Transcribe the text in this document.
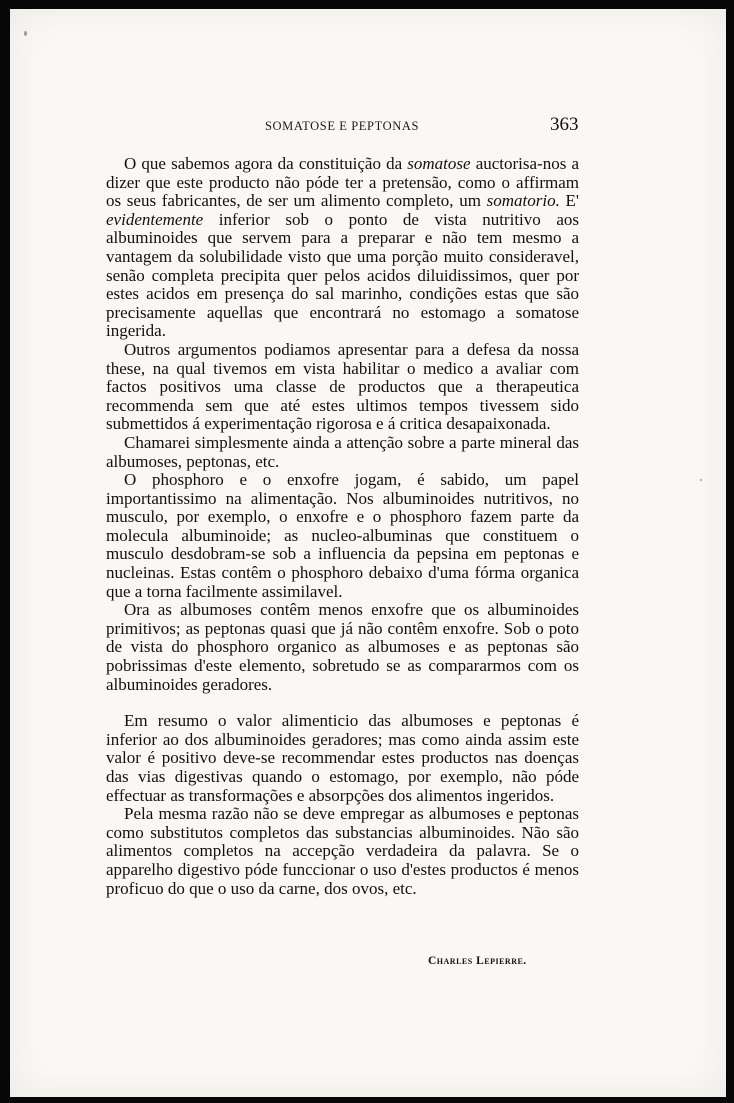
SOMATOSE E PEPTONAS	363

O que sabemos agora da constituição da somatose auctorisa-nos a dizer que este producto não póde ter a pretensão, como o affirmam os seus fabricantes, de ser um alimento completo, um somatorio. E' evidentemente inferior sob o ponto de vista nutritivo aos albuminoides que servem para a preparar e não tem mesmo a vantagem da solubilidade visto que uma porção muito consideravel, senão completa precipita quer pelos acidos diluidissimos, quer por estes acidos em presença do sal marinho, condições estas que são precisamente aquellas que encontrará no estomago a somatose ingerida.

Outros argumentos podiamos apresentar para a defesa da nossa these, na qual tivemos em vista habilitar o medico a avaliar com factos positivos uma classe de productos que a therapeutica recommenda sem que até estes ultimos tempos tivessem sido submettidos á experimentação rigorosa e á critica desapaixonada.

Chamarei simplesmente ainda a attenção sobre a parte mineral das albumoses, peptonas, etc.

O phosphoro e o enxofre jogam, é sabido, um papel importantissimo na alimentação. Nos albuminoides nutritivos, no musculo, por exemplo, o enxofre e o phosphoro fazem parte da molecula albuminoide; as nucleo-albuminas que constituem o musculo desdobram-se sob a influencia da pepsina em peptonas e nucleinas. Estas contêm o phosphoro debaixo d'uma fórma organica que a torna facilmente assimilavel.

Ora as albumoses contêm menos enxofre que os albuminoides primitivos; as peptonas quasi que já não contêm enxofre. Sob o poto de vista do phosphoro organico as albumoses e as peptonas são pobrissimas d'este elemento, sobretudo se as compararmos com os albuminoides geradores.

Em resumo o valor alimenticio das albumoses e peptonas é inferior ao dos albuminoides geradores; mas como ainda assim este valor é positivo deve-se recommendar estes productos nas doenças das vias digestivas quando o estomago, por exemplo, não póde effectuar as transformações e absorpções dos alimentos ingeridos.

Pela mesma razão não se deve empregar as albumoses e peptonas como substitutos completos das substancias albuminoides. Não são alimentos completos na accepção verdadeira da palavra. Se o apparelho digestivo póde funccionar o uso d'estes productos é menos proficuo do que o uso da carne, dos ovos, etc.

Charles Lepierre.
